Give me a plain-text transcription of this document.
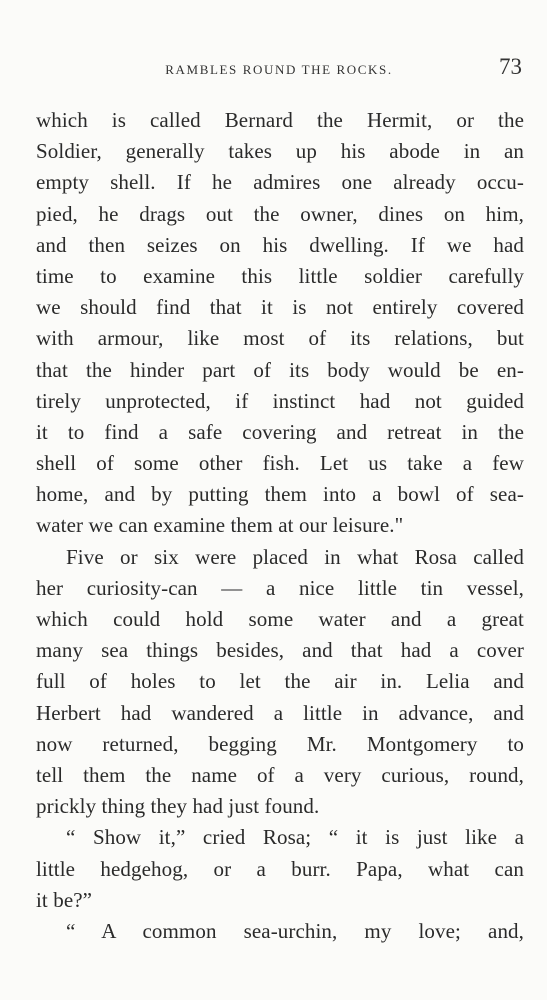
RAMBLES ROUND THE ROCKS.	73
which is called Bernard the Hermit, or the
Soldier, generally takes up his abode in an
empty shell. If he admires one already occu-
pied, he drags out the owner, dines on him,
and then seizes on his dwelling. If we had
time to examine this little soldier carefully
we should find that it is not entirely covered
with armour, like most of its relations, but
that the hinder part of its body would be en-
tirely unprotected, if instinct had not guided
it to find a safe covering and retreat in the
shell of some other fish. Let us take a few
home, and by putting them into a bowl of sea-
water we can examine them at our leisure."
Five or six were placed in what Rosa called
her curiosity-can — a nice little tin vessel,
which could hold some water and a great
many sea things besides, and that had a cover
full of holes to let the air in. Lelia and
Herbert had wandered a little in advance, and
now returned, begging Mr. Montgomery to
tell them the name of a very curious, round,
prickly thing they had just found.
“ Show it,” cried Rosa; “ it is just like a
little hedgehog, or a burr. Papa, what can
it be?”
“ A common sea-urchin, my love; and,
